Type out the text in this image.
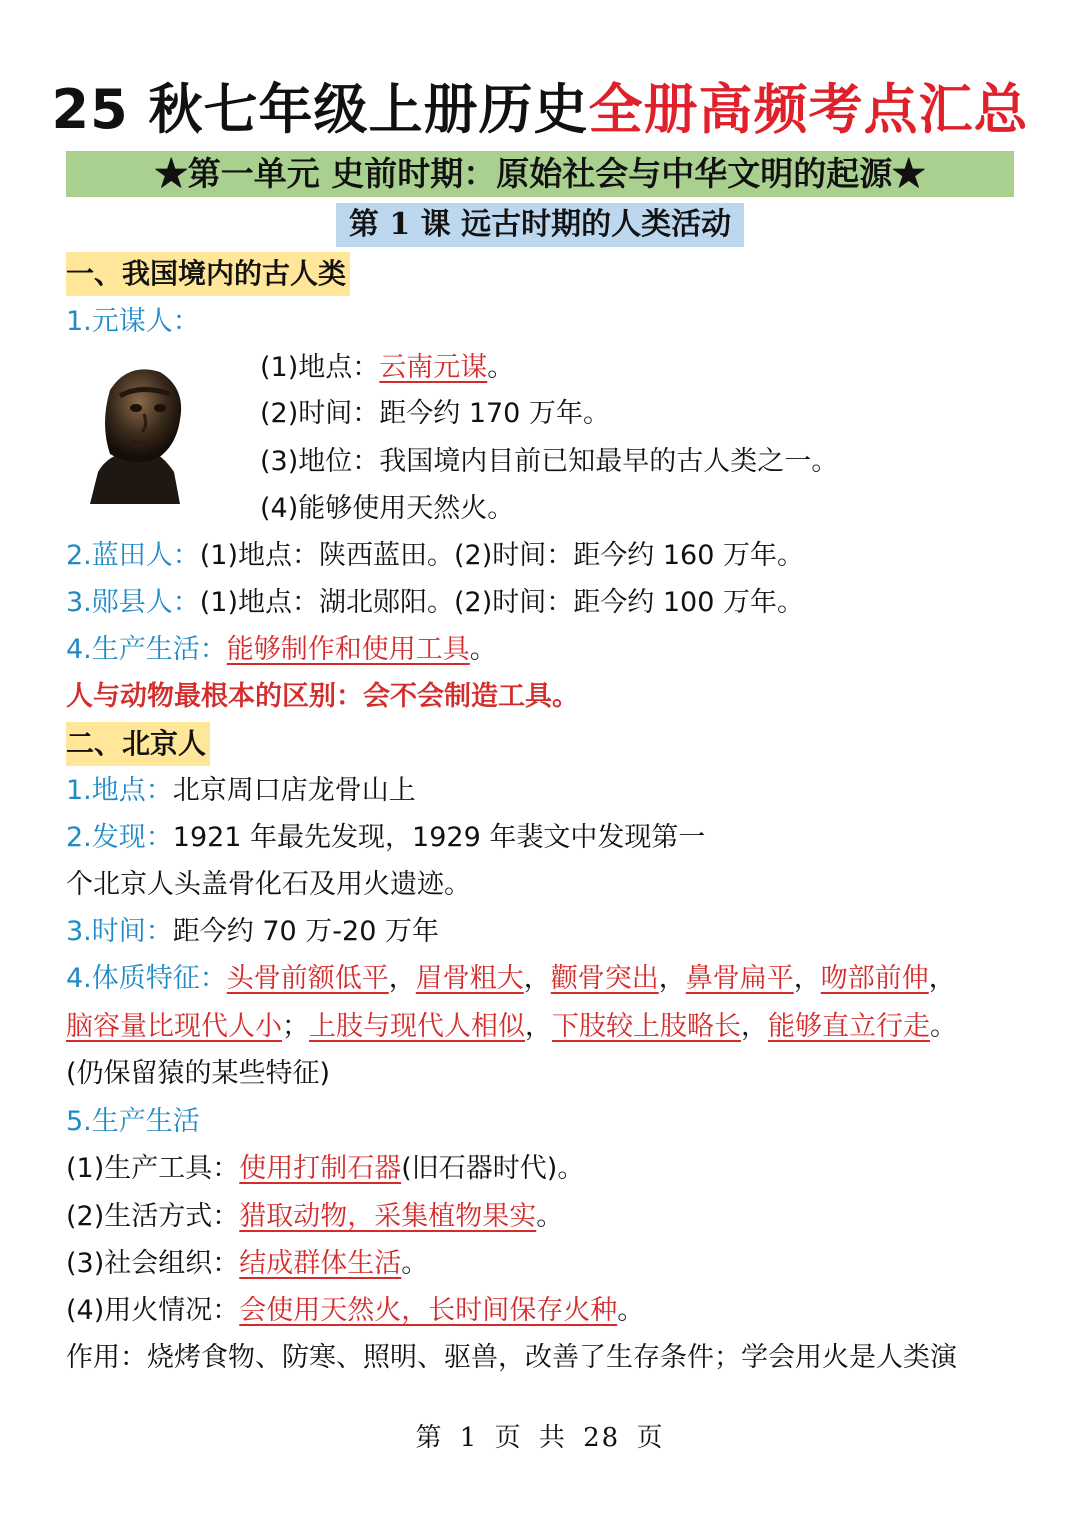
25 秋七年级上册历史全册高频考点汇总
★第一单元 史前时期：原始社会与中华文明的起源★
第 1 课 远古时期的人类活动
一、我国境内的古人类
1.元谋人：
(1)地点：云南元谋。
(2)时间：距今约 170 万年。
(3)地位：我国境内目前已知最早的古人类之一。
(4)能够使用天然火。
2.蓝田人：(1)地点：陕西蓝田。(2)时间：距今约 160 万年。
3.郧县人：(1)地点：湖北郧阳。(2)时间：距今约 100 万年。
4.生产生活：能够制作和使用工具。
人与动物最根本的区别：会不会制造工具。
二、北京人
1.地点：北京周口店龙骨山上
2.发现：1921 年最先发现，1929 年裴文中发现第一
个北京人头盖骨化石及用火遗迹。
3.时间：距今约 70 万-20 万年
4.体质特征：头骨前额低平，眉骨粗大，颧骨突出，鼻骨扁平，吻部前伸，
脑容量比现代人小；上肢与现代人相似，下肢较上肢略长，能够直立行走。
(仍保留猿的某些特征)
5.生产生活
(1)生产工具：使用打制石器(旧石器时代)。
(2)生活方式：猎取动物，采集植物果实。
(3)社会组织：结成群体生活。
(4)用火情况：会使用天然火，长时间保存火种。
作用：烧烤食物、防寒、照明、驱兽，改善了生存条件；学会用火是人类演
第 1 页 共 28 页
